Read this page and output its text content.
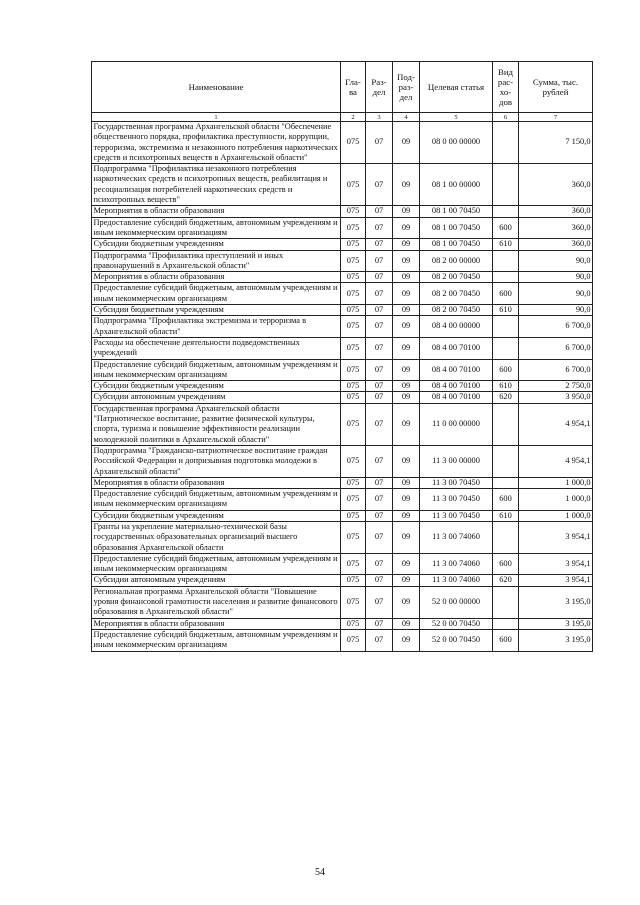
Наименование	Гла-ва	Раз-дел	Под-раз-дел	Целевая статья	Вид рас-хо-дов	Сумма, тыс. рублей
1	2	3	4	5	6	7
Государственная программа Архангельской области "Обеспечение общественного порядка, профилактика преступности, коррупции, терроризма, экстремизма и незаконного потребления наркотических средств и психотропных веществ в Архангельской области"	075	07	09	08 0 00 00000		7 150,0
Подпрограмма "Профилактика незаконного потребления наркотических средств и психотропных веществ, реабилитация и ресоциализация потребителей наркотических средств и психотропных веществ"	075	07	09	08 1 00 00000		360,0
Мероприятия в области образования	075	07	09	08 1 00 70450		360,0
Предоставление субсидий бюджетным, автономным учреждениям и иным некоммерческим организациям	075	07	09	08 1 00 70450	600	360,0
Субсидии бюджетным учреждениям	075	07	09	08 1 00 70450	610	360,0
Подпрограмма "Профилактика преступлений и иных правонарушений в Архангельской области"	075	07	09	08 2 00 00000		90,0
Мероприятия в области образования	075	07	09	08 2 00 70450		90,0
Предоставление субсидий бюджетным, автономным учреждениям и иным некоммерческим организациям	075	07	09	08 2 00 70450	600	90,0
Субсидии бюджетным учреждениям	075	07	09	08 2 00 70450	610	90,0
Подпрограмма "Профилактика экстремизма и терроризма в Архангельской области"	075	07	09	08 4 00 00000		6 700,0
Расходы на обеспечение деятельности подведомственных учреждений	075	07	09	08 4 00 70100		6 700,0
Предоставление субсидий бюджетным, автономным учреждениям и иным некоммерческим организациям	075	07	09	08 4 00 70100	600	6 700,0
Субсидии бюджетным учреждениям	075	07	09	08 4 00 70100	610	2 750,0
Субсидии автономным учреждениям	075	07	09	08 4 00 70100	620	3 950,0
Государственная программа Архангельской области "Патриотическое воспитание, развитие физической культуры, спорта, туризма и повышение эффективности реализации молодежной политики в Архангельской области"	075	07	09	11 0 00 00000		4 954,1
Подпрограмма "Гражданско-патриотическое воспитание граждан Российской Федерации и допризывная подготовка молодежи в Архангельской области"	075	07	09	11 3 00 00000		4 954,1
Мероприятия в области образования	075	07	09	11 3 00 70450		1 000,0
Предоставление субсидий бюджетным, автономным учреждениям и иным некоммерческим организациям	075	07	09	11 3 00 70450	600	1 000,0
Субсидии бюджетным учреждениям	075	07	09	11 3 00 70450	610	1 000,0
Гранты на укрепление материально-технической базы государственных образовательных организаций высшего образования Архангельской области	075	07	09	11 3 00 74060		3 954,1
Предоставление субсидий бюджетным, автономным учреждениям и иным некоммерческим организациям	075	07	09	11 3 00 74060	600	3 954,1
Субсидии автономным учреждениям	075	07	09	11 3 00 74060	620	3 954,1
Региональная программа Архангельской области "Повышение уровня финансовой грамотности населения и развитие финансового образования в Архангельской области"	075	07	09	52 0 00 00000		3 195,0
Мероприятия в области образования	075	07	09	52 0 00 70450		3 195,0
Предоставление субсидий бюджетным, автономным учреждениям и иным некоммерческим организациям	075	07	09	52 0 00 70450	600	3 195,0
54
